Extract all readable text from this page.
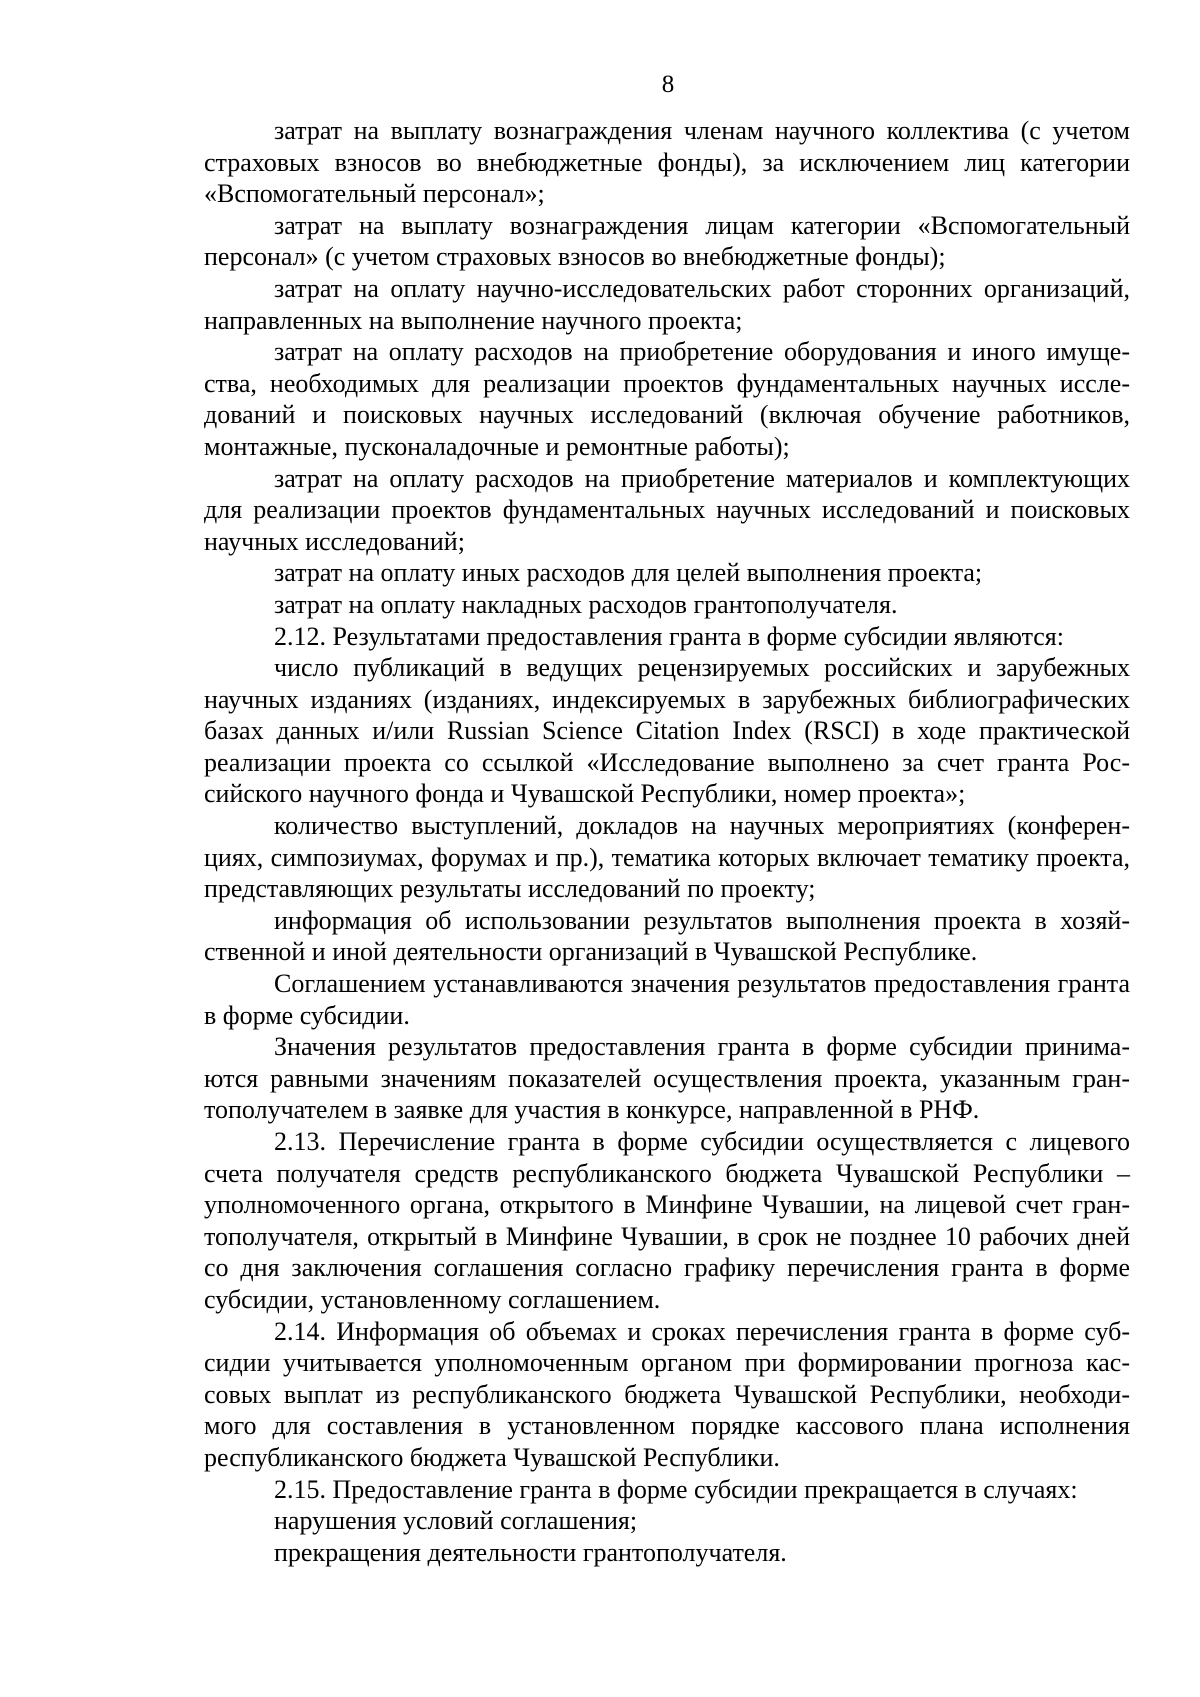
8

затрат на выплату вознаграждения членам научного коллектива (с учетом страховых взносов во внебюджетные фонды), за исключением лиц категории «Вспомогательный персонал»;

затрат на выплату вознаграждения лицам категории «Вспомогательный персонал» (с учетом страховых взносов во внебюджетные фонды);

затрат на оплату научно-исследовательских работ сторонних организаций, направленных на выполнение научного проекта;

затрат на оплату расходов на приобретение оборудования и иного имущества, необходимых для реализации проектов фундаментальных научных исследований и поисковых научных исследований (включая обучение работников, монтажные, пусконаладочные и ремонтные работы);

затрат на оплату расходов на приобретение материалов и комплектующих для реализации проектов фундаментальных научных исследований и поисковых научных исследований;

затрат на оплату иных расходов для целей выполнения проекта;

затрат на оплату накладных расходов грантополучателя.

2.12. Результатами предоставления гранта в форме субсидии являются:

число публикаций в ведущих рецензируемых российских и зарубежных научных изданиях (изданиях, индексируемых в зарубежных библиографических базах данных и/или Russian Science Citation Index (RSCI) в ходе практической реализации проекта со ссылкой «Исследование выполнено за счет гранта Российского научного фонда и Чувашской Республики, номер проекта»;

количество выступлений, докладов на научных мероприятиях (конференциях, симпозиумах, форумах и пр.), тематика которых включает тематику проекта, представляющих результаты исследований по проекту;

информация об использовании результатов выполнения проекта в хозяйственной и иной деятельности организаций в Чувашской Республике.

Соглашением устанавливаются значения результатов предоставления гранта в форме субсидии.

Значения результатов предоставления гранта в форме субсидии принимаются равными значениям показателей осуществления проекта, указанным грантополучателем в заявке для участия в конкурсе, направленной в РНФ.

2.13. Перечисление гранта в форме субсидии осуществляется с лицевого счета получателя средств республиканского бюджета Чувашской Республики – уполномоченного органа, открытого в Минфине Чувашии, на лицевой счет грантополучателя, открытый в Минфине Чувашии, в срок не позднее 10 рабочих дней со дня заключения соглашения согласно графику перечисления гранта в форме субсидии, установленному соглашением.

2.14. Информация об объемах и сроках перечисления гранта в форме субсидии учитывается уполномоченным органом при формировании прогноза кассовых выплат из республиканского бюджета Чувашской Республики, необходимого для составления в установленном порядке кассового плана исполнения республиканского бюджета Чувашской Республики.

2.15. Предоставление гранта в форме субсидии прекращается в случаях:

нарушения условий соглашения;

прекращения деятельности грантополучателя.
